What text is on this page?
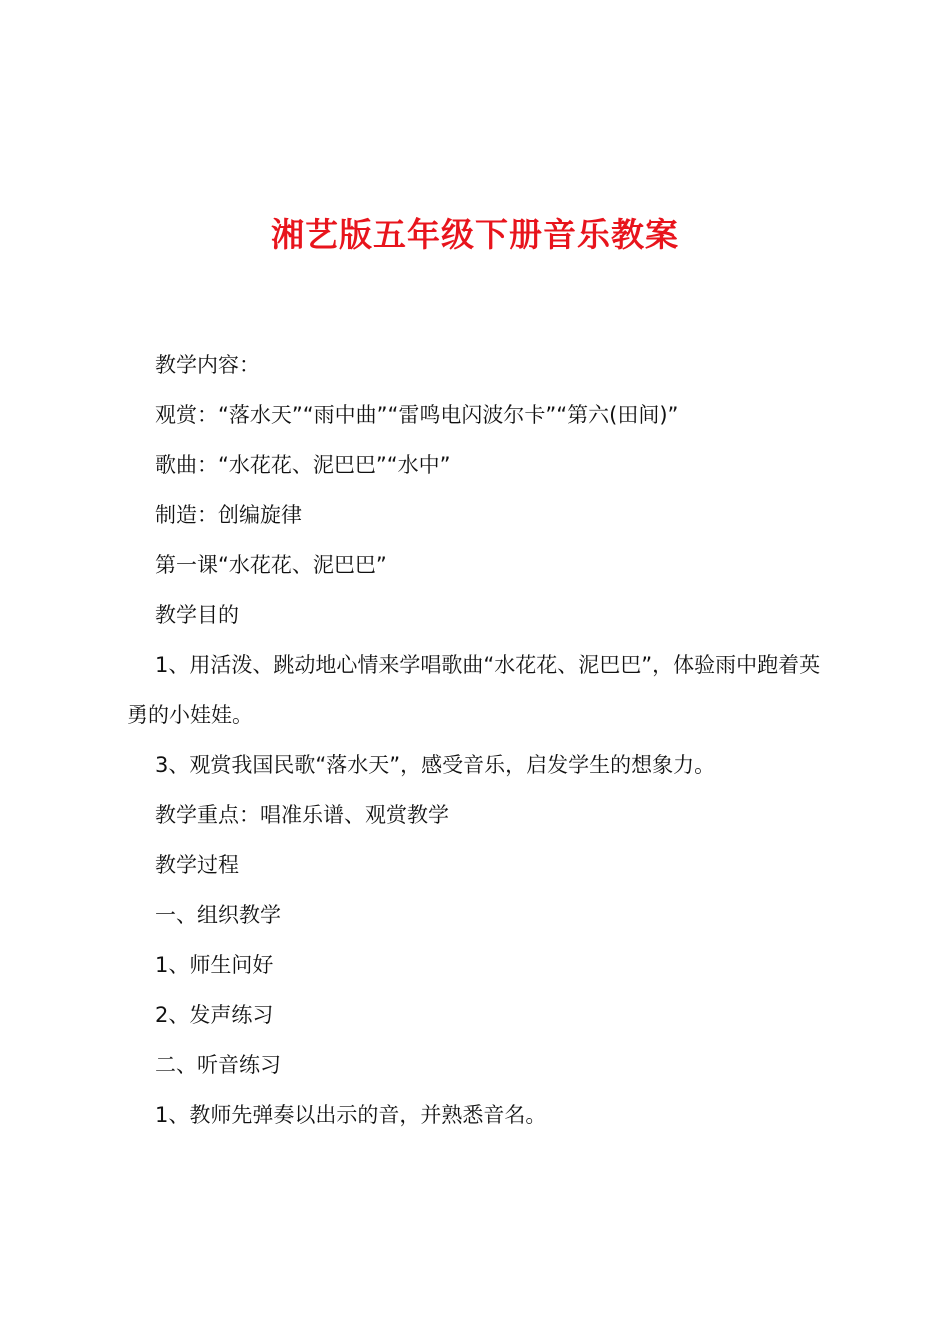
湘艺版五年级下册音乐教案

教学内容：

观赏：“落水天”“雨中曲”“雷鸣电闪波尔卡”“第六(田间)”

歌曲：“水花花、泥巴巴”“水中”

制造：创编旋律

第一课“水花花、泥巴巴”

教学目的

1、用活泼、跳动地心情来学唱歌曲“水花花、泥巴巴”，体验雨中跑着英勇的小娃娃。

3、观赏我国民歌“落水天”，感受音乐，启发学生的想象力。

教学重点：唱准乐谱、观赏教学

教学过程

一、组织教学

1、师生问好

2、发声练习

二、听音练习

1、教师先弹奏以出示的音，并熟悉音名。
